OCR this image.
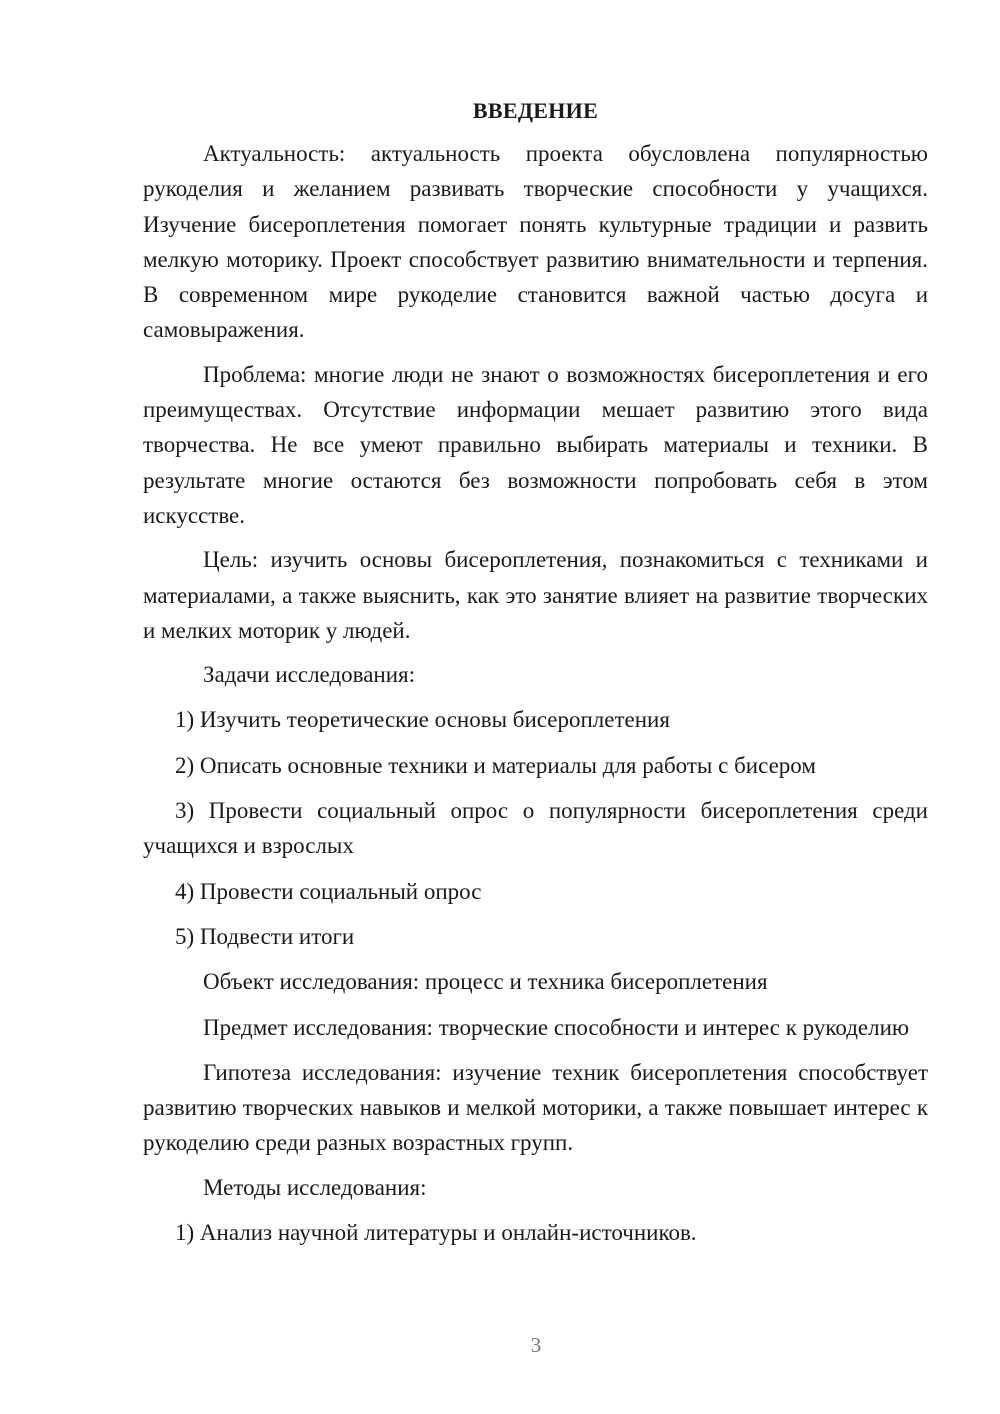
ВВЕДЕНИЕ

Актуальность: актуальность проекта обусловлена популярностью рукоделия и желанием развивать творческие способности у учащихся. Изучение бисероплетения помогает понять культурные традиции и развить мелкую моторику. Проект способствует развитию внимательности и терпения. В современном мире рукоделие становится важной частью досуга и самовыражения.

Проблема: многие люди не знают о возможностях бисероплетения и его преимуществах. Отсутствие информации мешает развитию этого вида творчества. Не все умеют правильно выбирать материалы и техники. В результате многие остаются без возможности попробовать себя в этом искусстве.

Цель: изучить основы бисероплетения, познакомиться с техниками и материалами, а также выяснить, как это занятие влияет на развитие творческих и мелких моторик у людей.

Задачи исследования:

1) Изучить теоретические основы бисероплетения

2) Описать основные техники и материалы для работы с бисером

3) Провести социальный опрос о популярности бисероплетения среди учащихся и взрослых

4) Провести социальный опрос

5) Подвести итоги

Объект исследования: процесс и техника бисероплетения

Предмет исследования: творческие способности и интерес к рукоделию

Гипотеза исследования: изучение техник бисероплетения способствует развитию творческих навыков и мелкой моторики, а также повышает интерес к рукоделию среди разных возрастных групп.

Методы исследования:

1) Анализ научной литературы и онлайн-источников.

3
